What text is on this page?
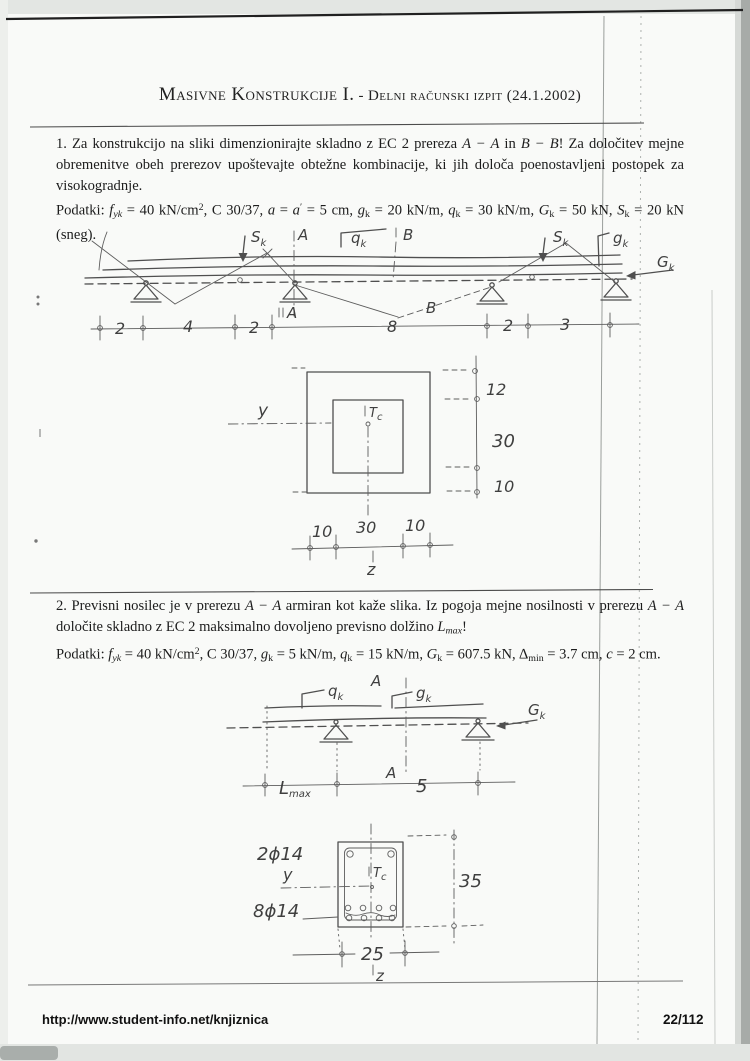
Masivne Konstrukcije I. - Delni računski izpit (24.1.2002)

1. Za konstrukcijo na sliki dimenzionirajte skladno z EC 2 prereza A − A in B − B! Za določitev mejne obremenitve obeh prerezov upoštevajte obtežne kombinacije, ki jih določa poenostavljeni postopek za visokogradnje.

Podatki: fyk = 40 $kN/cm^2$, C 30/37, a = a′ = 5 cm, gk = 20 kN/m, qk = 30 kN/m, Gk = 50 kN, Sk = 20 kN (sneg).	$S_k$	$S_k$
A
A
$q_k$
B
B
$g_k$
$G_k$
2	4	2	8	2	3
y	$T_c$
12
30
10
10 30 10
z

2. Previsni nosilec je v prerezu A − A armiran kot kaže slika. Iz pogoja mejne nosilnosti v prerezu A − A določite skladno z EC 2 maksimalno dovoljeno previsno dolžino Lmax!

Podatki: fyk = 40 $kN/cm^2$, C 30/37, gk = 5 kN/m, qk = 15 kN/m, Gk = 607.5 kN, ∆min = 3.7 cm, c = 2 cm.

$q_k$
A
A
$g_k$
$G_k$
Lmax	5
2ϕ14
8ϕ14
y	$T_c$	35
25
z
http://www.student-info.net/knjiznica	22/112
